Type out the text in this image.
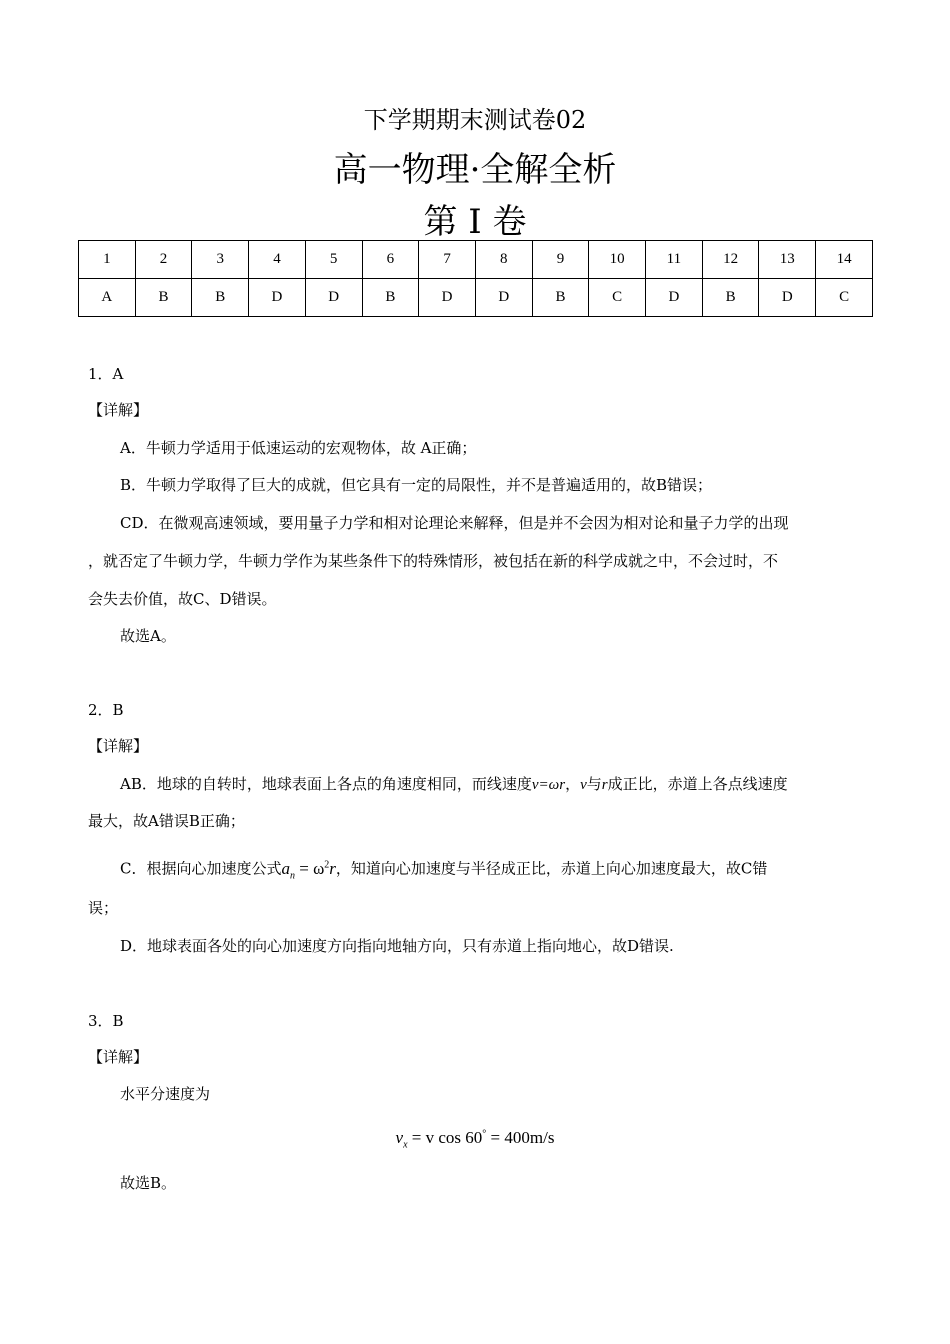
下学期期末测试卷02
高一物理·全解全析
第 I 卷
1	2	3	4	5	6	7	8	9	10	11	12	13	14
A	B	B	D	D	B	D	D	B	C	D	B	D	C
1．A
【详解】
A．牛顿力学适用于低速运动的宏观物体，故 A正确；
B．牛顿力学取得了巨大的成就，但它具有一定的局限性，并不是普遍适用的，故B错误；
CD．在微观高速领域，要用量子力学和相对论理论来解释，但是并不会因为相对论和量子力学的出现
，就否定了牛顿力学，牛顿力学作为某些条件下的特殊情形，被包括在新的科学成就之中，不会过时，不
会失去价值，故C、D错误。
故选A。
2．B
【详解】
AB．地球的自转时，地球表面上各点的角速度相同，而线速度v=ωr，v与r成正比，赤道上各点线速度
最大，故A错误B正确；
C．根据向心加速度公式$a_n = \omega^2r$，知道向心加速度与半径成正比，赤道上向心加速度最大，故C错
误；
D．地球表面各处的向心加速度方向指向地轴方向，只有赤道上指向地心，故D错误.
3．B
【详解】
水平分速度为
$v_x = v$ cos 60° = 400m/s
故选B。
